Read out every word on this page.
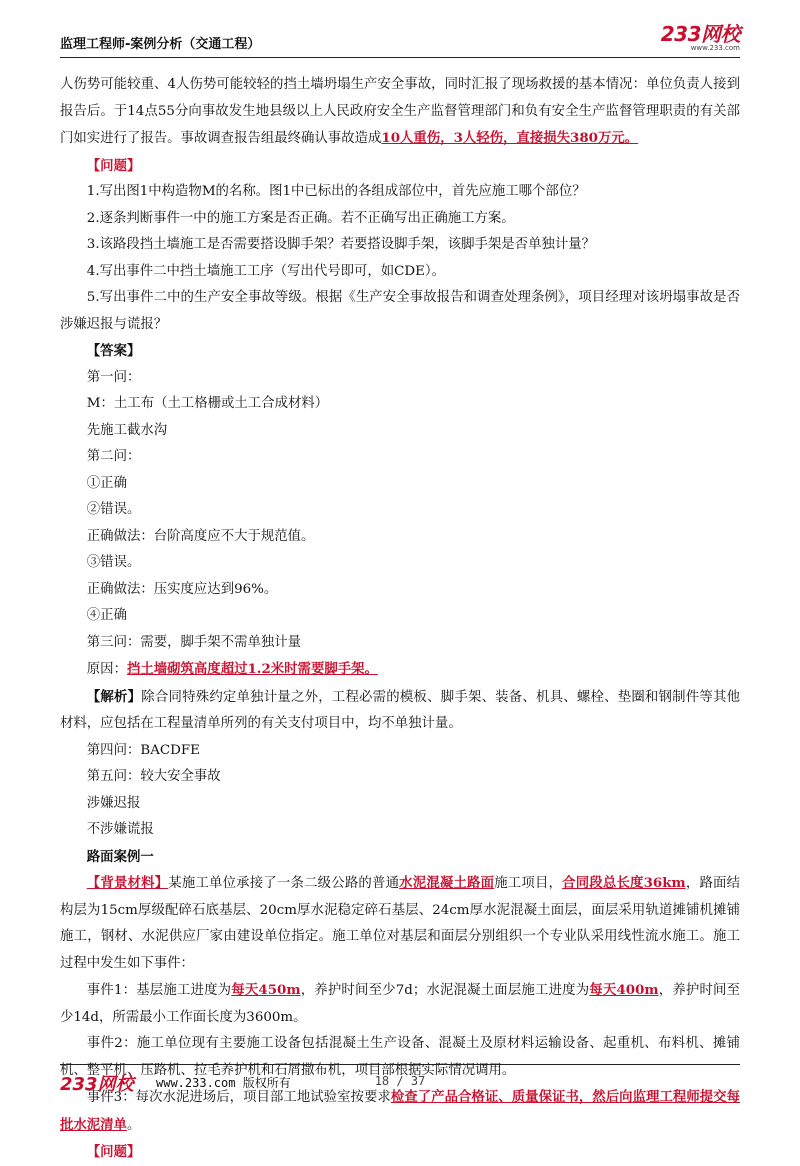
监理工程师-案例分析（交通工程）	233网校
www.233.com

人伤势可能较重、4人伤势可能较轻的挡土墙坍塌生产安全事故，同时汇报了现场救援的基本情况：单位负责人接到报告后。于14点55分向事故发生地县级以上人民政府安全生产监督管理部门和负有安全生产监督管理职责的有关部门如实进行了报告。事故调查报告组最终确认事故造成10人重伤，3人轻伤，直接损失380万元。

【问题】

1.写出图1中构造物M的名称。图1中已标出的各组成部位中，首先应施工哪个部位？

2.逐条判断事件一中的施工方案是否正确。若不正确写出正确施工方案。

3.该路段挡土墙施工是否需要搭设脚手架？若要搭设脚手架，该脚手架是否单独计量？

4.写出事件二中挡土墙施工工序（写出代号即可，如CDE）。

5.写出事件二中的生产安全事故等级。根据《生产安全事故报告和调查处理条例》，项目经理对该坍塌事故是否涉嫌迟报与谎报？

【答案】

第一问：

M：土工布（土工格栅或土工合成材料）

先施工截水沟

第二问：

①正确

②错误。

正确做法：台阶高度应不大于规范值。

③错误。

正确做法：压实度应达到96%。

④正确

第三问：需要，脚手架不需单独计量

原因：挡土墙砌筑高度超过1.2米时需要脚手架。

【解析】除合同特殊约定单独计量之外，工程必需的模板、脚手架、装备、机具、螺栓、垫圈和钢制件等其他材料，应包括在工程量清单所列的有关支付项目中，均不单独计量。

第四问：BACDFE

第五问：较大安全事故

涉嫌迟报

不涉嫌谎报

路面案例一

【背景材料】某施工单位承接了一条二级公路的普通水泥混凝土路面施工项目，合同段总长度36km，路面结构层为15cm厚级配碎石底基层、20cm厚水泥稳定碎石基层、24cm厚水泥混凝土面层，面层采用轨道摊铺机摊铺施工，钢材、水泥供应厂家由建设单位指定。施工单位对基层和面层分别组织一个专业队采用线性流水施工。施工过程中发生如下事件：

事件1：基层施工进度为每天450m，养护时间至少7d；水泥混凝土面层施工进度为每天400m，养护时间至少14d，所需最小工作面长度为3600m。

事件2：施工单位现有主要施工设备包括混凝土生产设备、混凝土及原材料运输设备、起重机、布料机、摊铺机、整平机、压路机、拉毛养护机和石屑撒布机，项目部根据实际情况调用。

事件3：每次水泥进场后，项目部工地试验室按要求检查了产品合格证、质量保证书，然后向监理工程师提交每批水泥清单。

【问题】

233网校 www.233.com 版权所有	18 / 37
